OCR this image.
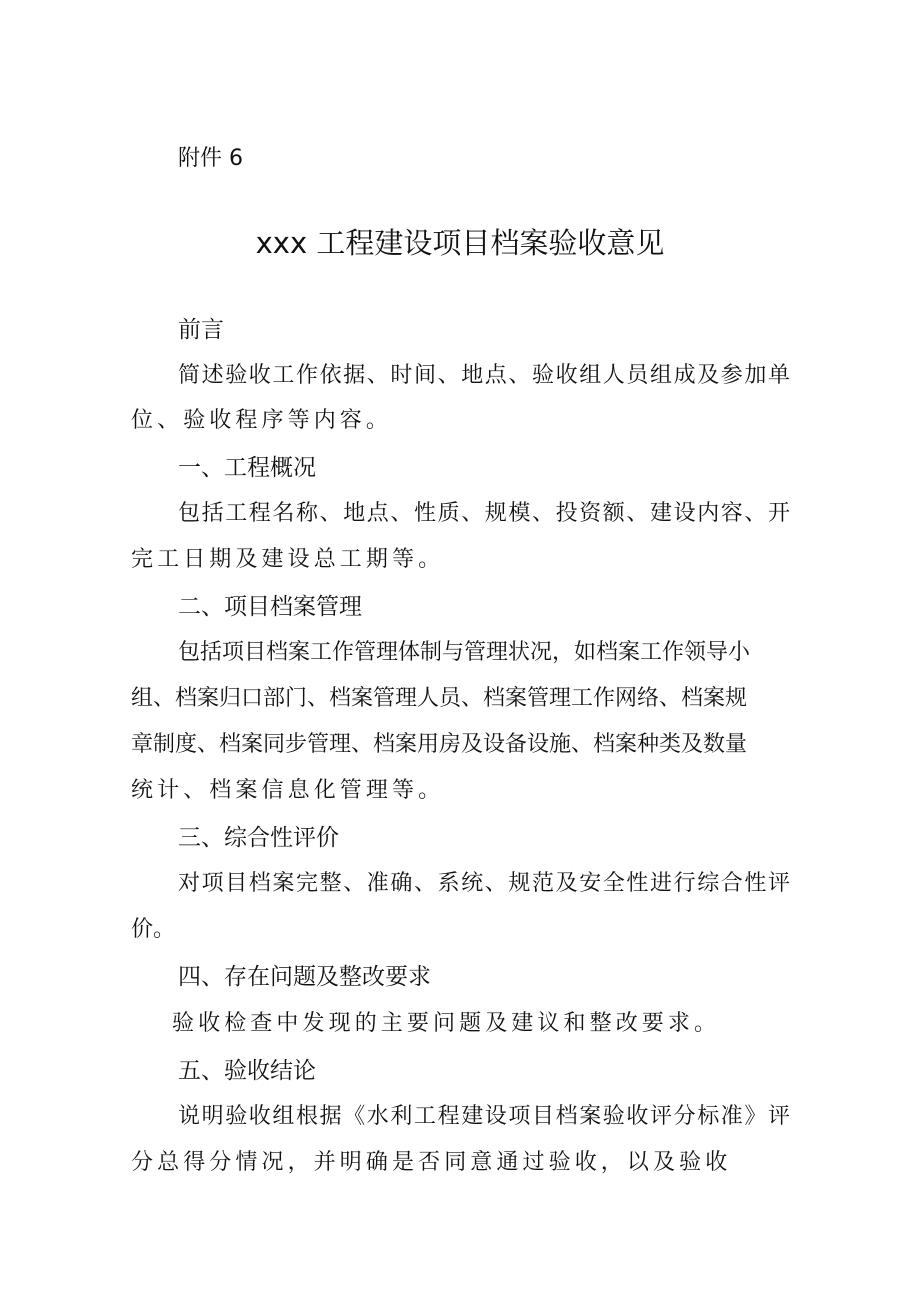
附件 6
xxx 工程建设项目档案验收意见
前言
简述验收工作依据、时间、地点、验收组人员组成及参加单
位、验收程序等内容。
一、工程概况
包括工程名称、地点、性质、规模、投资额、建设内容、开
完工日期及建设总工期等。
二、项目档案管理
包括项目档案工作管理体制与管理状况，如档案工作领导小
组、档案归口部门、档案管理人员、档案管理工作网络、档案规
章制度、档案同步管理、档案用房及设备设施、档案种类及数量
统计、档案信息化管理等。
三、综合性评价
对项目档案完整、准确、系统、规范及安全性进行综合性评
价。
四、存在问题及整改要求
验收检查中发现的主要问题及建议和整改要求。
五、验收结论
说明验收组根据《水利工程建设项目档案验收评分标准》评
分总得分情况，并明确是否同意通过验收，以及验收
